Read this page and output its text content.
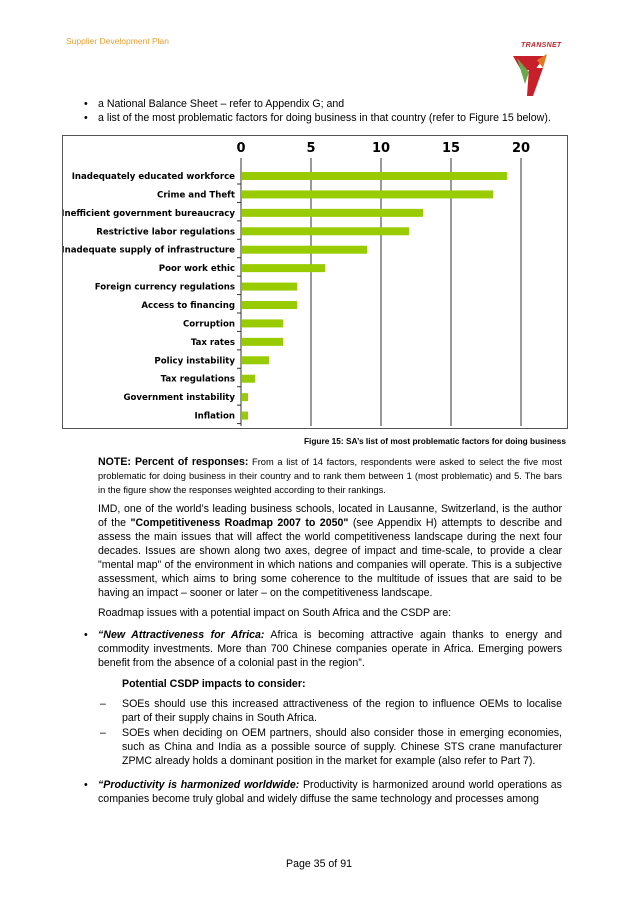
Supplier Development Plan	TRANSNET
• a National Balance Sheet – refer to Appendix G; and
• a list of the most problematic factors for doing business in that country (refer to Figure 15 below).
0	5	10	15	20
Inadequately educated workforce
Crime and Theft
Inefficient government bureaucracy
Restrictive labor regulations
Inadequate supply of infrastructure
Poor work ethic
Foreign currency regulations
Access to financing
Corruption
Tax rates
Policy instability
Tax regulations
Government instability
Inflation
Figure 15: SA’s list of most problematic factors for doing business
NOTE: Percent of responses: From a list of 14 factors, respondents were asked to select the five most problematic for doing business in their country and to rank them between 1 (most problematic) and 5. The bars in the figure show the responses weighted according to their rankings.
IMD, one of the world’s leading business schools, located in Lausanne, Switzerland, is the author of the "Competitiveness Roadmap 2007 to 2050" (see Appendix H) attempts to describe and assess the main issues that will affect the world competitiveness landscape during the next four decades. Issues are shown along two axes, degree of impact and time-scale, to provide a clear "mental map" of the environment in which nations and companies will operate. This is a subjective assessment, which aims to bring some coherence to the multitude of issues that are said to be having an impact – sooner or later – on the competitiveness landscape.
Roadmap issues with a potential impact on South Africa and the CSDP are:
• “New Attractiveness for Africa: Africa is becoming attractive again thanks to energy and commodity investments. More than 700 Chinese companies operate in Africa. Emerging powers benefit from the absence of a colonial past in the region”.
Potential CSDP impacts to consider:
– SOEs should use this increased attractiveness of the region to influence OEMs to localise part of their supply chains in South Africa.
– SOEs when deciding on OEM partners, should also consider those in emerging economies, such as China and India as a possible source of supply. Chinese STS crane manufacturer ZPMC already holds a dominant position in the market for example (also refer to Part 7).
• “Productivity is harmonized worldwide: Productivity is harmonized around world operations as companies become truly global and widely diffuse the same technology and processes among
Page 35 of 91
